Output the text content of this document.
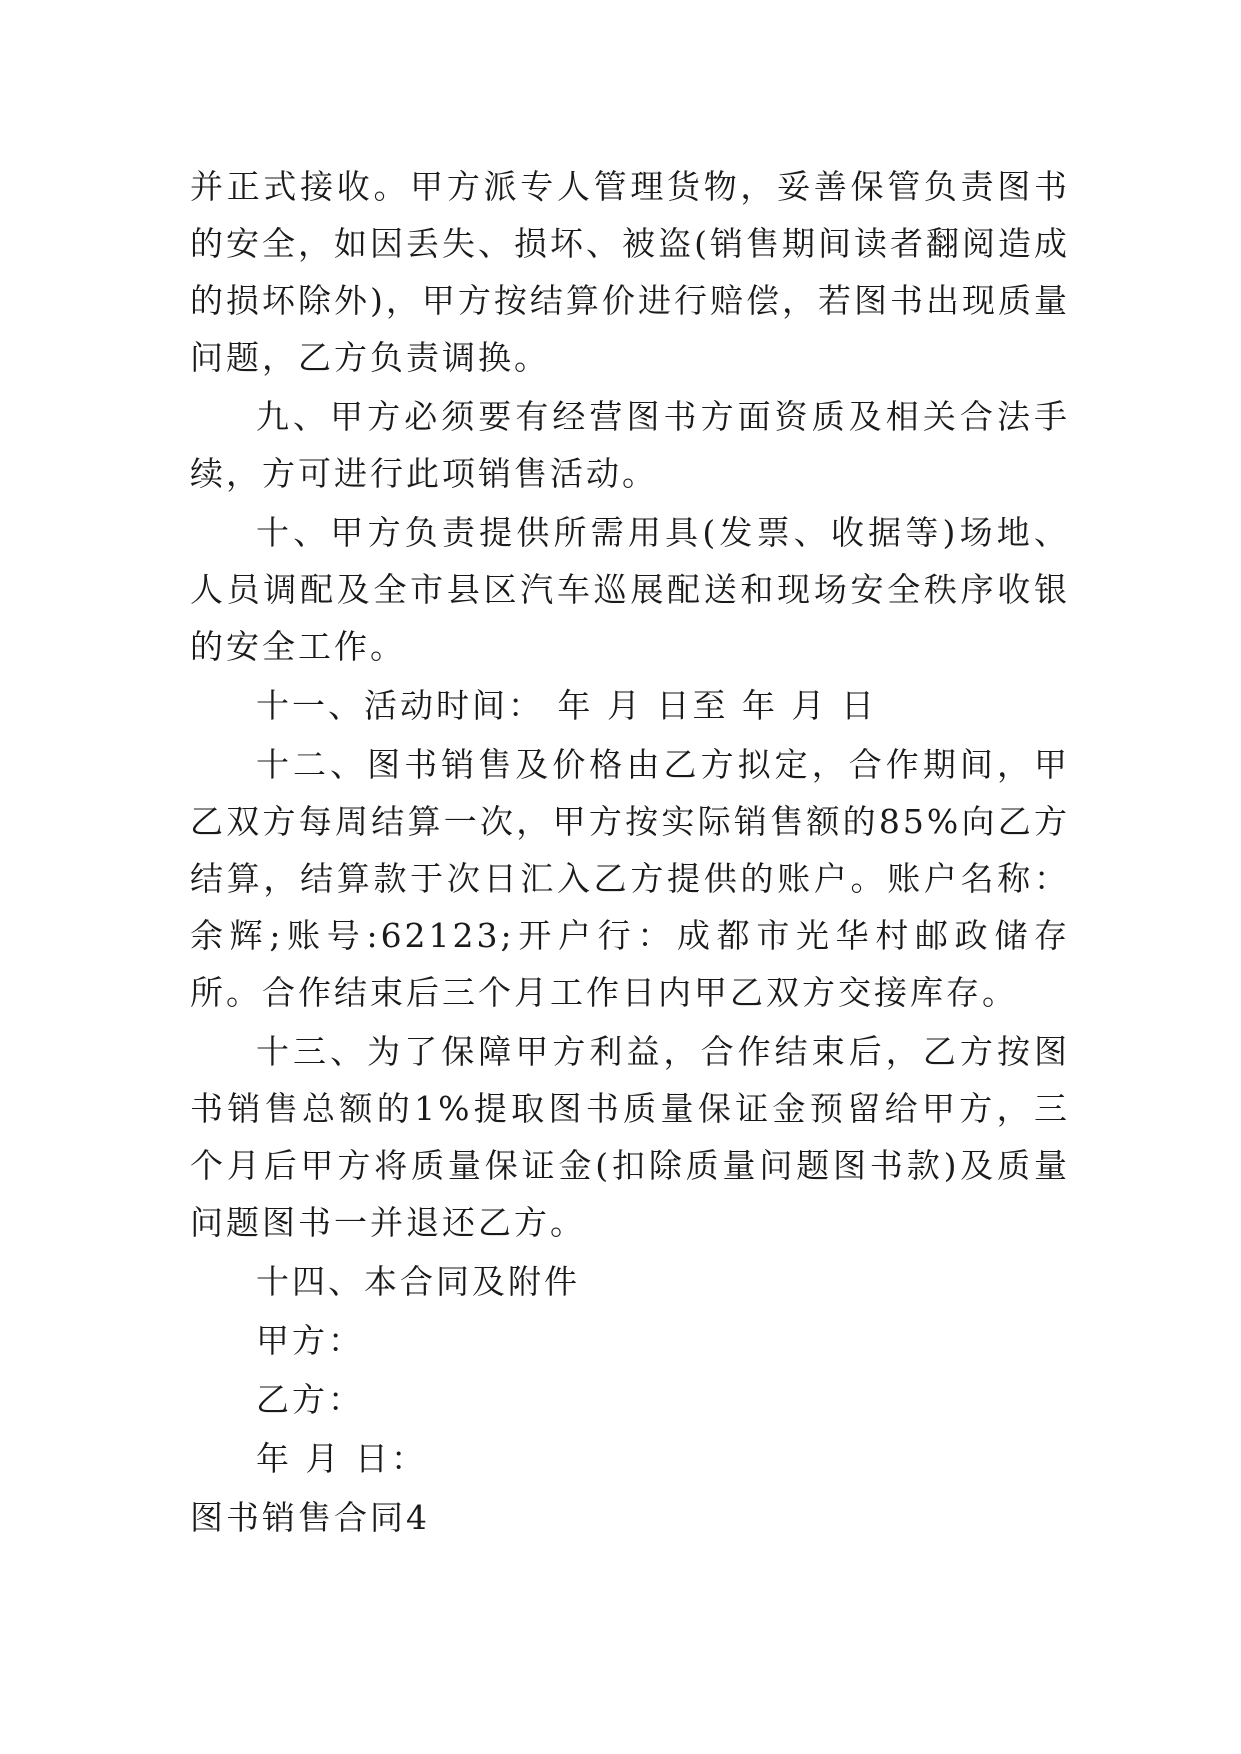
并正式接收。甲方派专人管理货物，妥善保管负责图书的安全，如因丢失、损坏、被盗(销售期间读者翻阅造成的损坏除外)，甲方按结算价进行赔偿，若图书出现质量问题，乙方负责调换。

九、甲方必须要有经营图书方面资质及相关合法手续，方可进行此项销售活动。

十、甲方负责提供所需用具(发票、收据等)场地、人员调配及全市县区汽车巡展配送和现场安全秩序收银的安全工作。

十一、活动时间： 年 月 日至 年 月 日

十二、图书销售及价格由乙方拟定，合作期间，甲乙双方每周结算一次，甲方按实际销售额的85%向乙方结算，结算款于次日汇入乙方提供的账户。账户名称：余辉;账号:62123;开户行：成都市光华村邮政储存所。合作结束后三个月工作日内甲乙双方交接库存。

十三、为了保障甲方利益，合作结束后，乙方按图书销售总额的1%提取图书质量保证金预留给甲方，三个月后甲方将质量保证金(扣除质量问题图书款)及质量问题图书一并退还乙方。

十四、本合同及附件

甲方：

乙方：

年 月 日：

图书销售合同4
